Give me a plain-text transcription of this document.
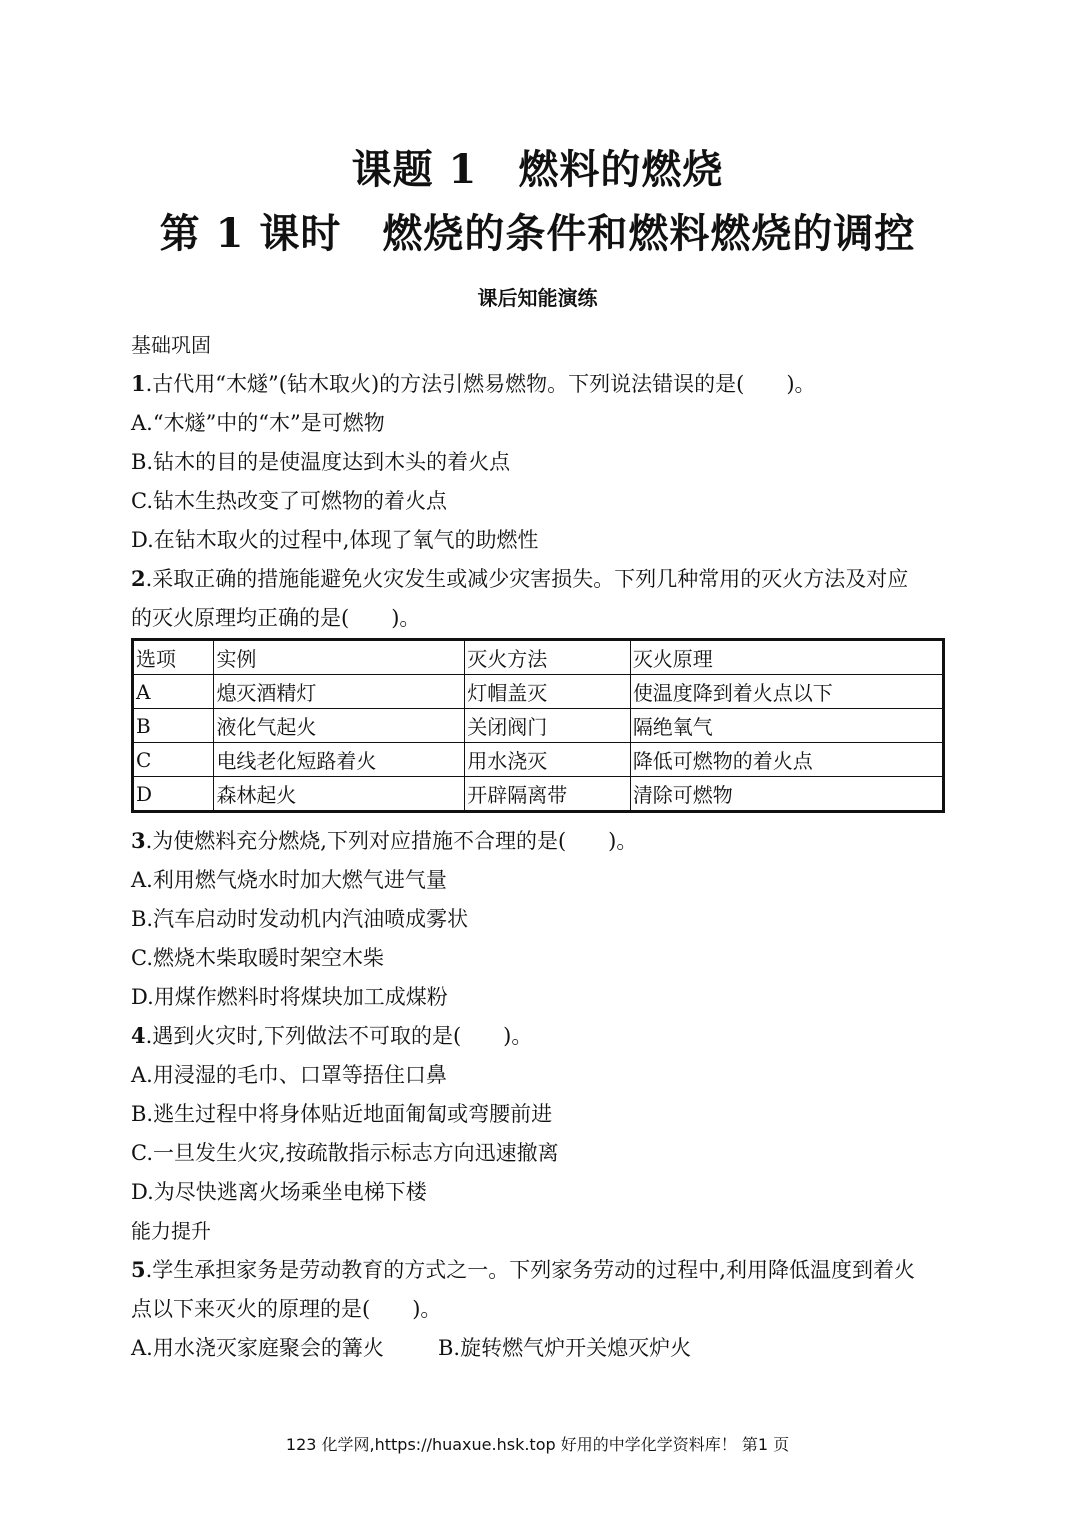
课题 1　燃料的燃烧
第 1 课时　燃烧的条件和燃料燃烧的调控
课后知能演练
基础巩固
1.古代用“木燧”(钻木取火)的方法引燃易燃物。下列说法错误的是(　　)。
A.“木燧”中的“木”是可燃物
B.钻木的目的是使温度达到木头的着火点
C.钻木生热改变了可燃物的着火点
D.在钻木取火的过程中,体现了氧气的助燃性
2.采取正确的措施能避免火灾发生或减少灾害损失。下列几种常用的灭火方法及对应
的灭火原理均正确的是(　　)。
选项	实例	灭火方法	灭火原理
A	熄灭酒精灯	灯帽盖灭	使温度降到着火点以下
B	液化气起火	关闭阀门	隔绝氧气
C	电线老化短路着火	用水浇灭	降低可燃物的着火点
D	森林起火	开辟隔离带	清除可燃物
3.为使燃料充分燃烧,下列对应措施不合理的是(　　)。
A.利用燃气烧水时加大燃气进气量
B.汽车启动时发动机内汽油喷成雾状
C.燃烧木柴取暖时架空木柴
D.用煤作燃料时将煤块加工成煤粉
4.遇到火灾时,下列做法不可取的是(　　)。
A.用浸湿的毛巾、口罩等捂住口鼻
B.逃生过程中将身体贴近地面匍匐或弯腰前进
C.一旦发生火灾,按疏散指示标志方向迅速撤离
D.为尽快逃离火场乘坐电梯下楼
能力提升
5.学生承担家务是劳动教育的方式之一。下列家务劳动的过程中,利用降低温度到着火
点以下来灭火的原理的是(　　)。
A.用水浇灭家庭聚会的篝火	B.旋转燃气炉开关熄灭炉火
123 化学网,https://huaxue.hsk.top 好用的中学化学资料库！ 第1 页
